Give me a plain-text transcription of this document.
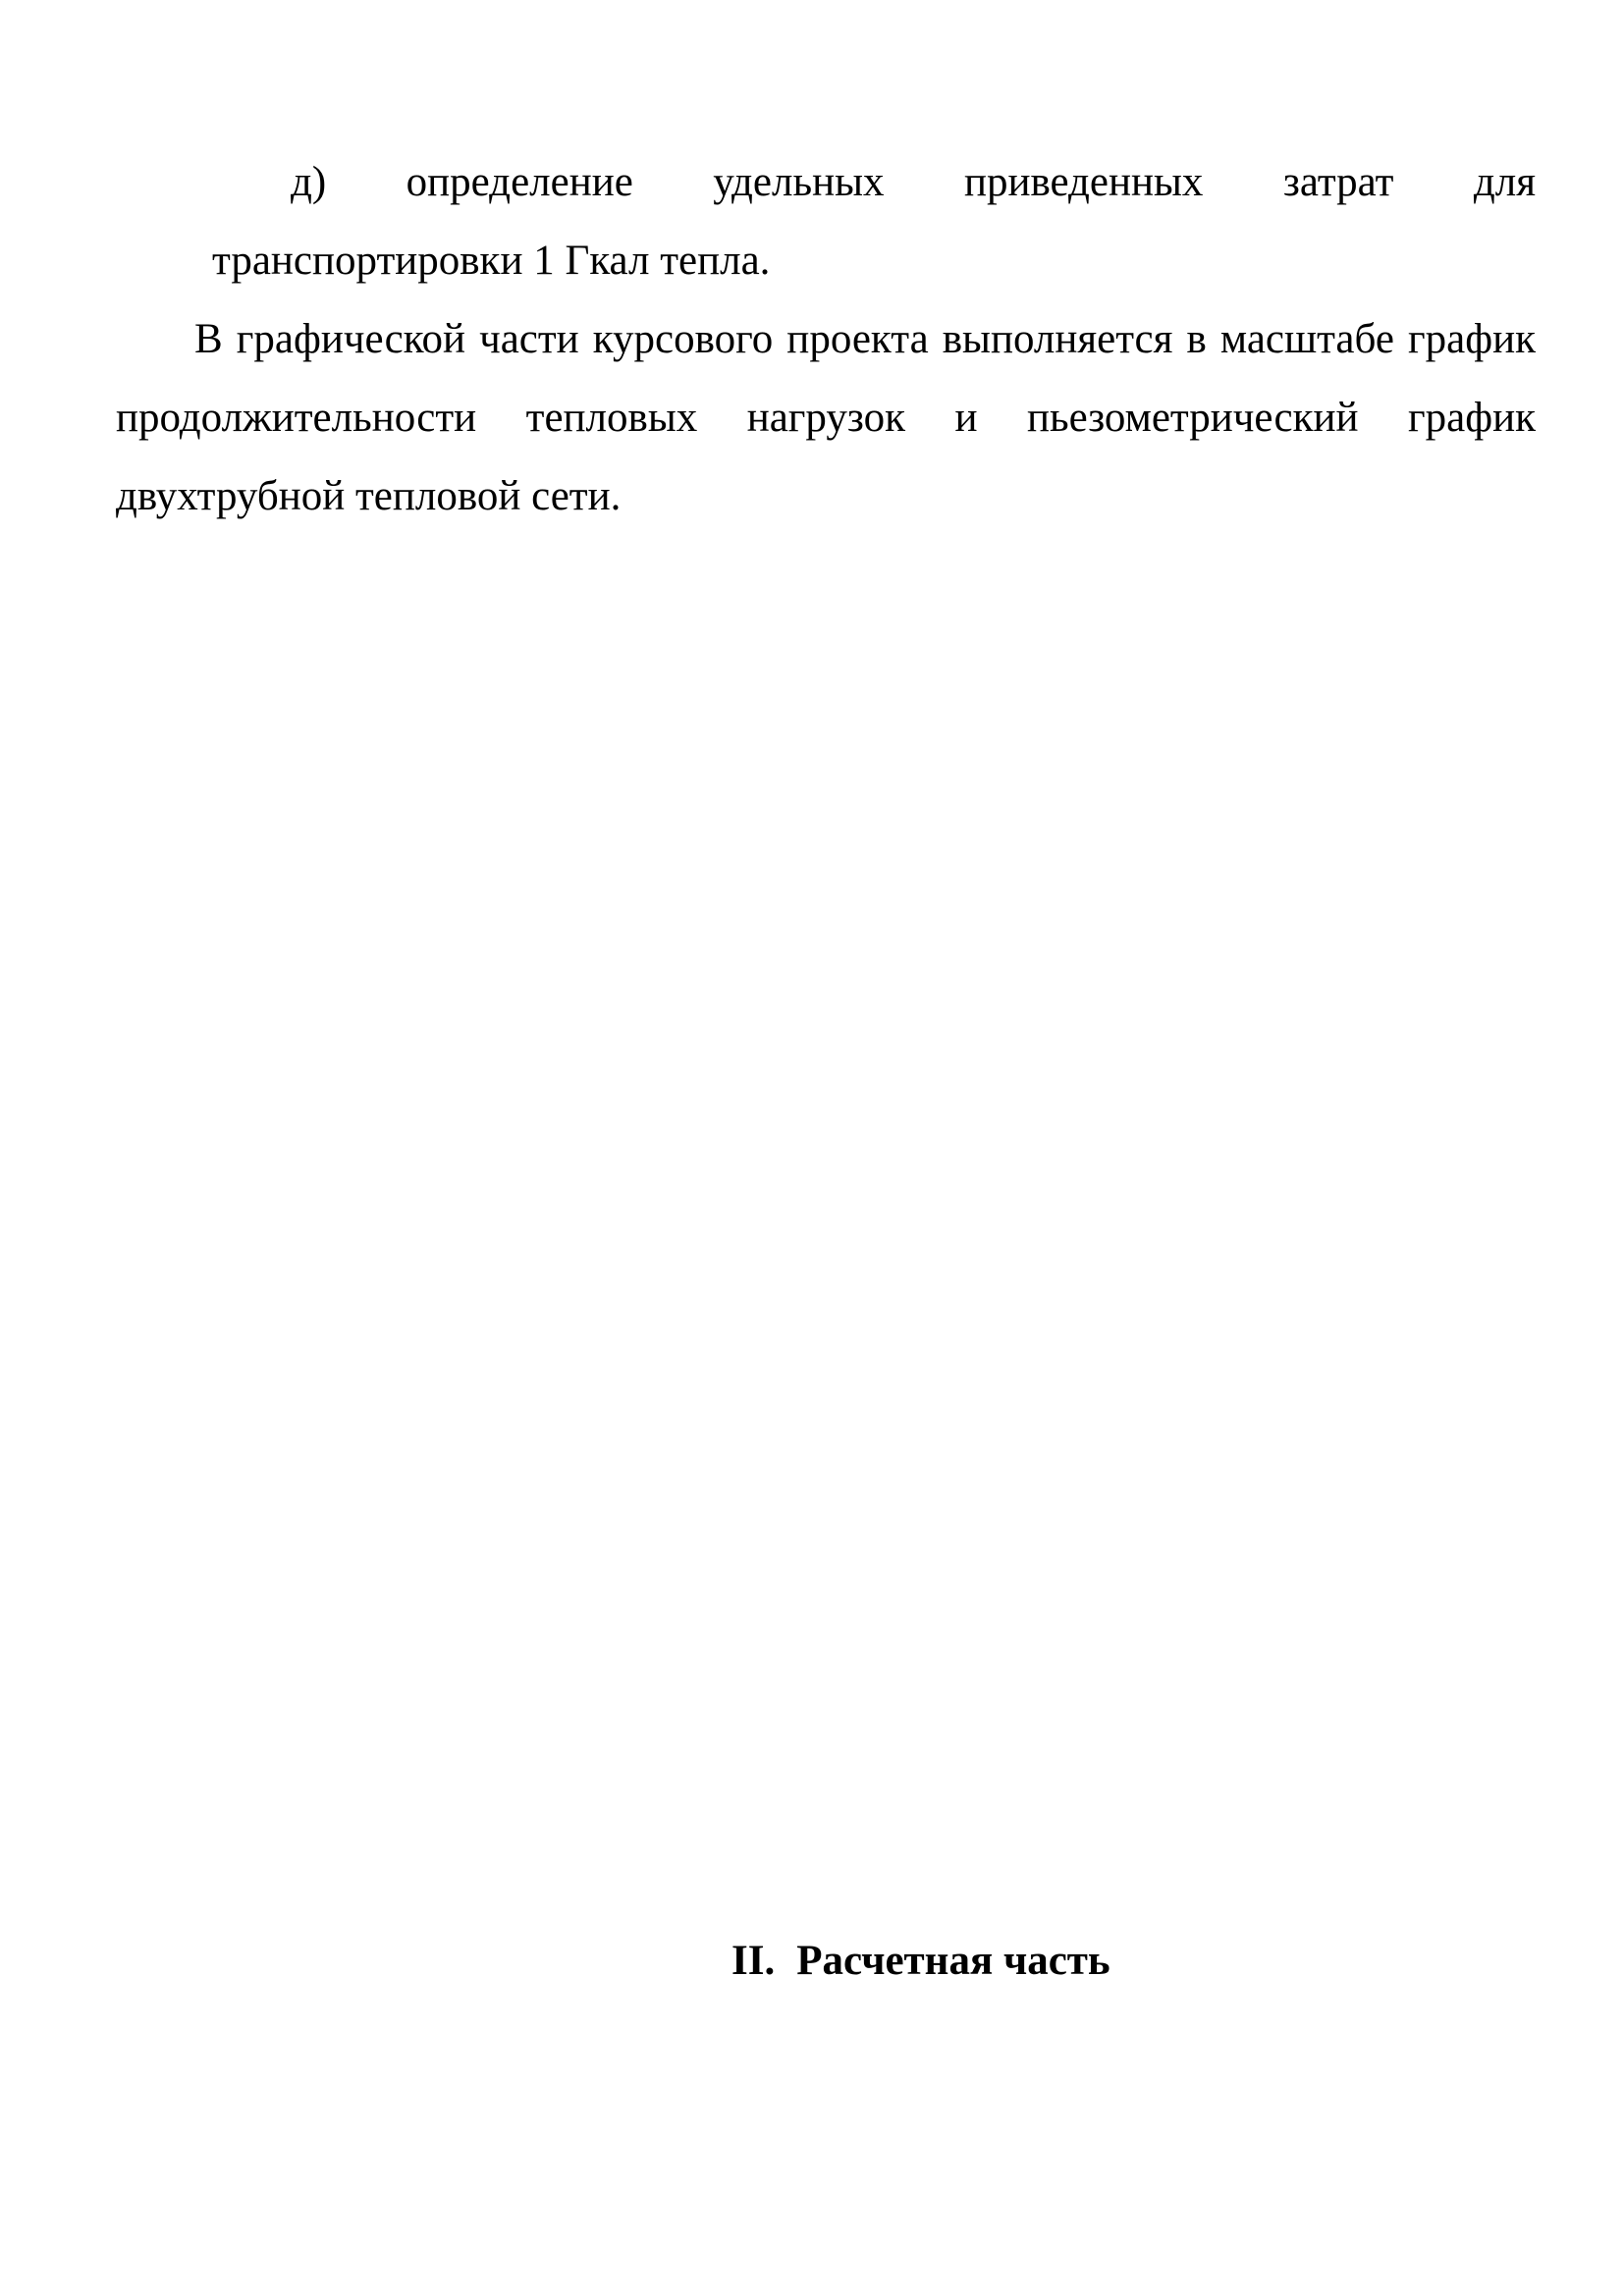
д) определение удельных приведенных затрат для
транспортировки 1 Гкал тепла.

В графической части курсового проекта выполняется в масштабе график продолжительности тепловых нагрузок и пьезометрический график двухтрубной тепловой сети.

II. Расчетная часть
